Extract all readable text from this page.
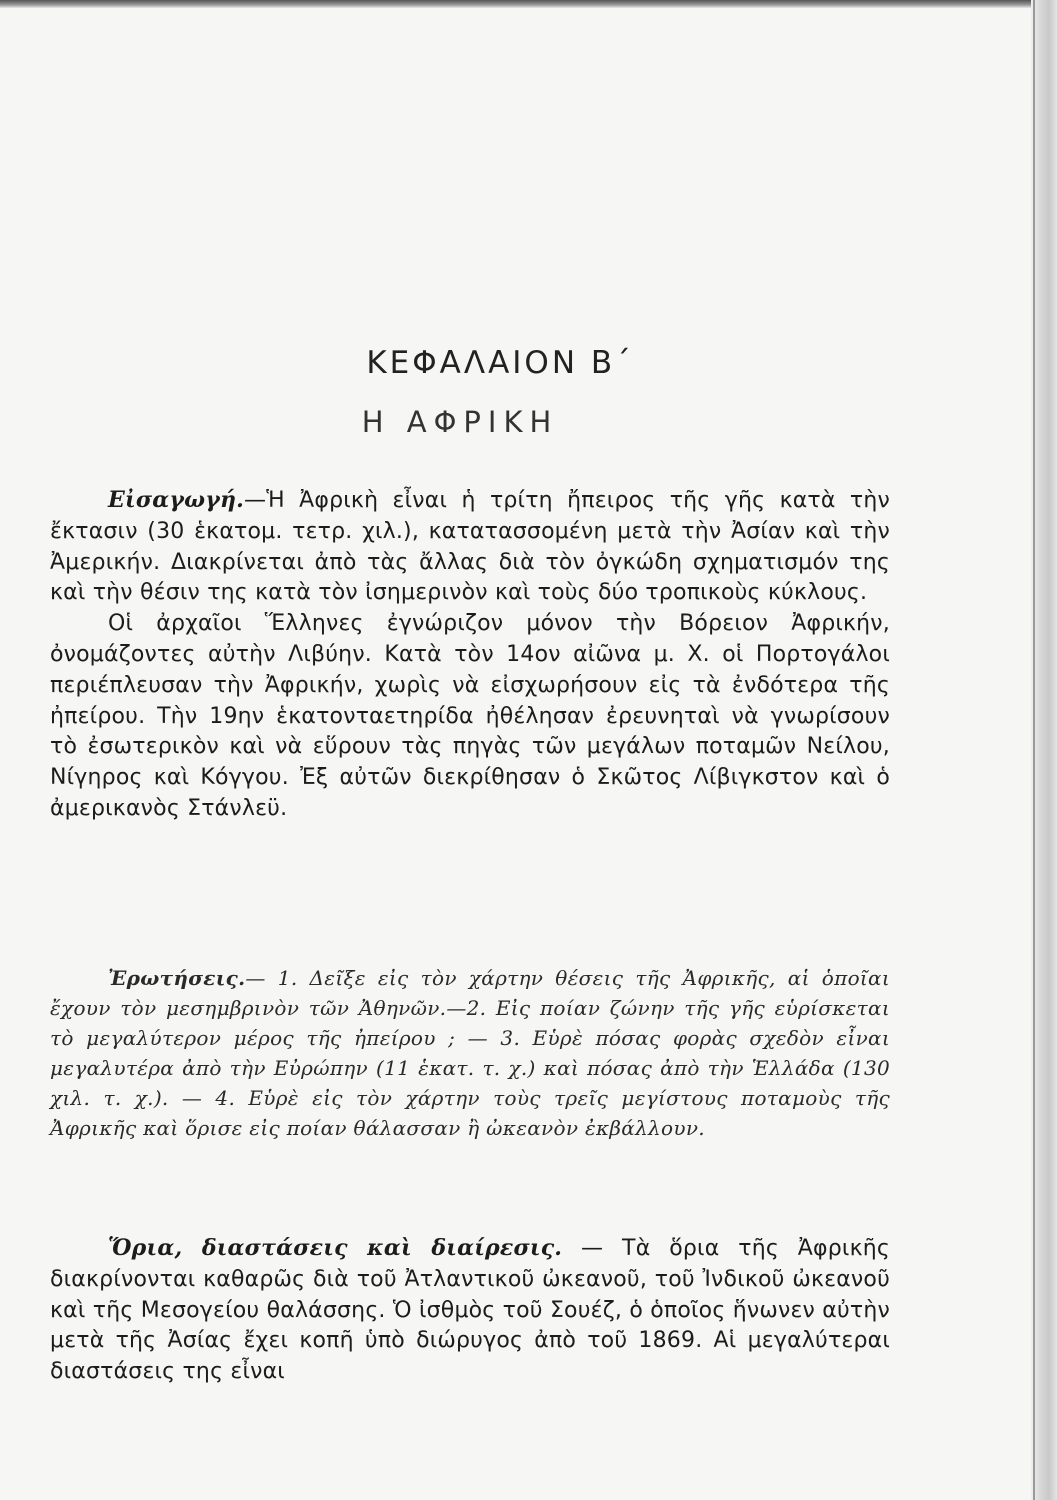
ΚΕΦΑΛΑΙΟΝ Β΄
Η ΑΦΡΙΚΗ

Εἰσαγωγή.—Ἡ Ἀφρικὴ εἶναι ἡ τρίτη ἤπειρος τῆς γῆς κατὰ τὴν ἔκτασιν (30 ἑκατομ. τετρ. χιλ.), κατατασσομένη μετὰ τὴν Ἀσίαν καὶ τὴν Ἀμερικήν. Διακρίνεται ἀπὸ τὰς ἄλλας διὰ τὸν ὀγκώδη σχηματισμόν της καὶ τὴν θέσιν της κατὰ τὸν ἰσημερινὸν καὶ τοὺς δύο τροπικοὺς κύκλους.

Οἱ ἀρχαῖοι Ἕλληνες ἐγνώριζον μόνον τὴν Βόρειον Ἀφρικήν, ὀνομάζοντες αὐτὴν Λιβύην. Κατὰ τὸν 14ον αἰῶνα μ. Χ. οἱ Πορτογάλοι περιέπλευσαν τὴν Ἀφρικήν, χωρὶς νὰ εἰσχωρήσουν εἰς τὰ ἐνδότερα τῆς ἠπείρου. Τὴν 19ην ἑκατονταετηρίδα ἠθέλησαν ἐρευνηταὶ νὰ γνωρίσουν τὸ ἐσωτερικὸν καὶ νὰ εὕρουν τὰς πηγὰς τῶν μεγάλων ποταμῶν Νείλου, Νίγηρος καὶ Κόγγου. Ἐξ αὐτῶν διεκρίθησαν ὁ Σκῶτος Λίβιγκστον καὶ ὁ ἀμερικανὸς Στάνλεϋ.

Ἐρωτήσεις.— 1. Δεῖξε εἰς τὸν χάρτην θέσεις τῆς Ἀφρικῆς, αἱ ὁποῖαι ἔχουν τὸν μεσημβρινὸν τῶν Ἀθηνῶν.—2. Εἰς ποίαν ζώνην τῆς γῆς εὑρίσκεται τὸ μεγαλύτερον μέρος τῆς ἠπείρου ; — 3. Εὑρὲ πόσας φορὰς σχεδὸν εἶναι μεγαλυτέρα ἀπὸ τὴν Εὐρώπην (11 ἑκατ. τ. χ.) καὶ πόσας ἀπὸ τὴν Ἑλλάδα (130 χιλ. τ. χ.). — 4. Εὑρὲ εἰς τὸν χάρτην τοὺς τρεῖς μεγίστους ποταμοὺς τῆς Ἀφρικῆς καὶ ὅρισε εἰς ποίαν θάλασσαν ἢ ὠκεανὸν ἐκβάλλουν.

Ὅρια, διαστάσεις καὶ διαίρεσις. — Τὰ ὅρια τῆς Ἀφρικῆς διακρίνονται καθαρῶς διὰ τοῦ Ἀτλαντικοῦ ὠκεανοῦ, τοῦ Ἰνδικοῦ ὠκεανοῦ καὶ τῆς Μεσογείου θαλάσσης. Ὁ ἰσθμὸς τοῦ Σουέζ, ὁ ὁποῖος ἥνωνεν αὐτὴν μετὰ τῆς Ἀσίας ἔχει κοπῆ ὑπὸ διώρυγος ἀπὸ τοῦ 1869. Αἱ μεγαλύτεραι διαστάσεις της εἶναι
